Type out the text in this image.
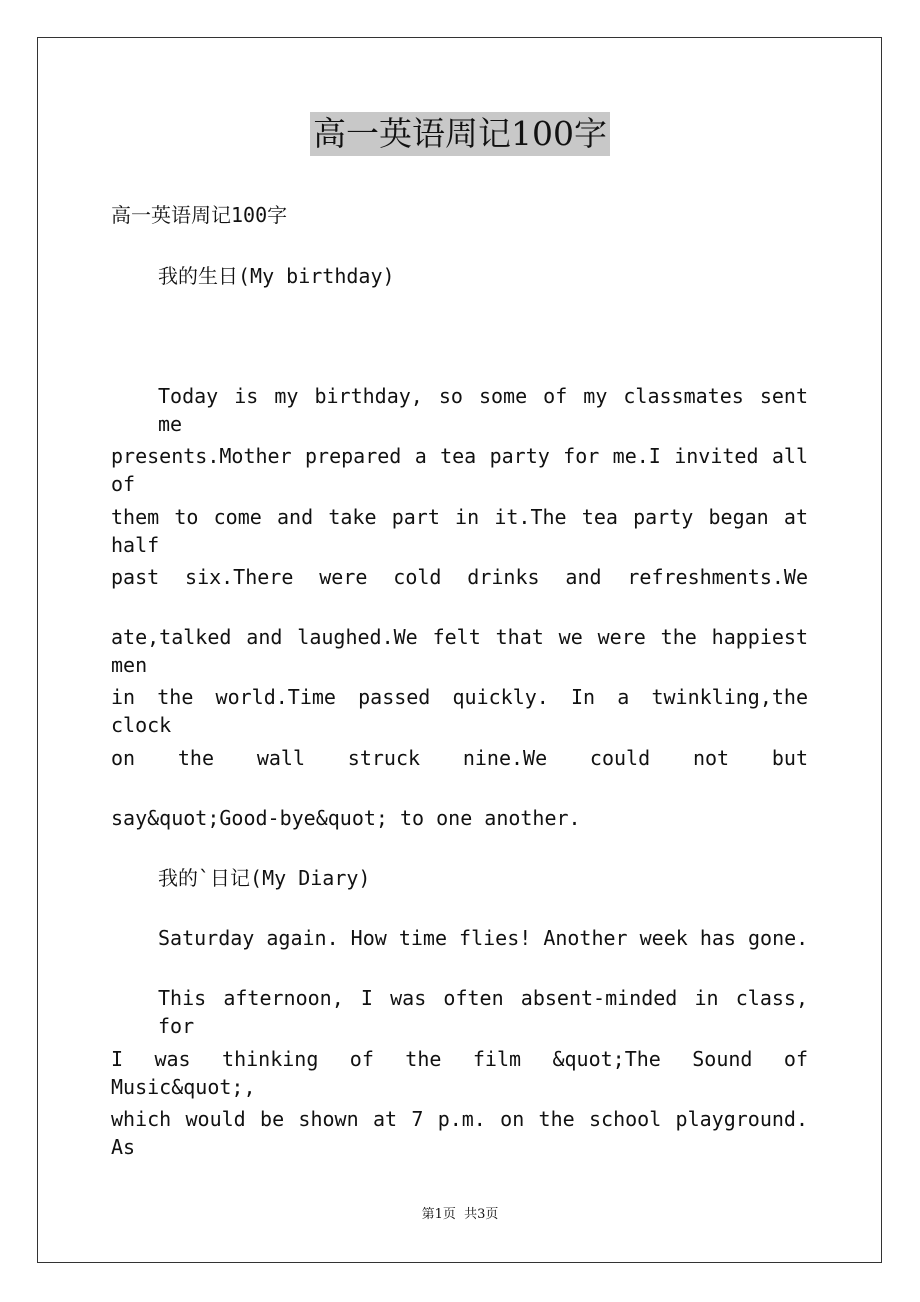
高一英语周记100字

高一英语周记100字

我的生日(My birthday)

Today is my birthday, so some of my classmates sent me

presents.Mother prepared a tea party for me.I invited all of

them to come and take part in it.The tea party began at half

past six.There were cold drinks and refreshments.We

ate,talked and laughed.We felt that we were the happiest men

in the world.Time passed quickly. In a twinkling,the clock

on the wall struck nine.We could not but

say&quot;Good-bye&quot; to one another.

我的`日记(My Diary)

Saturday again. How time flies! Another week has gone.

This afternoon, I was often absent-minded in class, for

I was thinking of the film &quot;The Sound of Music&quot;,

which would be shown at 7 p.m. on the school playground. As

第1页  共3页
